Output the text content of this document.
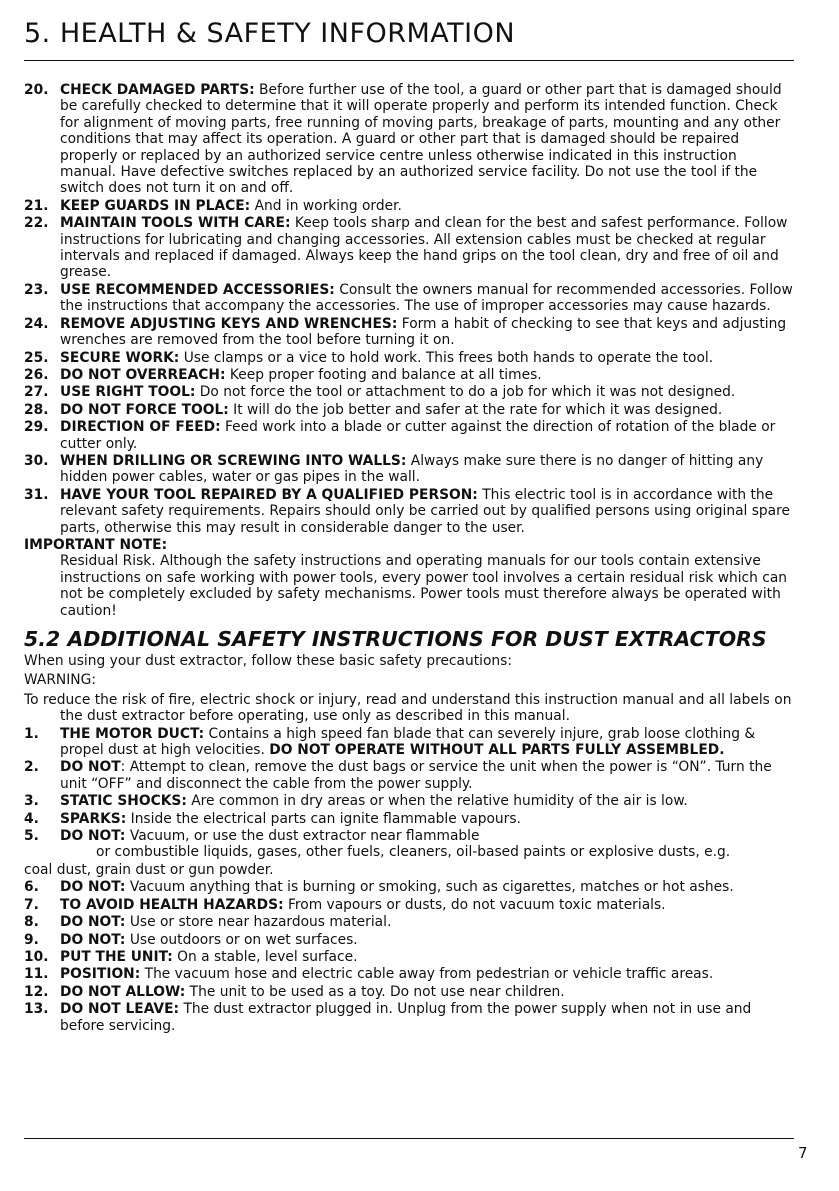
5. HEALTH & SAFETY INFORMATION
20. CHECK DAMAGED PARTS: Before further use of the tool, a guard or other part that is damaged should be carefully checked to determine that it will operate properly and perform its intended function. Check for alignment of moving parts, free running of moving parts, breakage of parts, mounting and any other conditions that may affect its operation. A guard or other part that is damaged should be repaired properly or replaced by an authorized service centre unless otherwise indicated in this instruction manual. Have defective switches replaced by an authorized service facility. Do not use the tool if the switch does not turn it on and off.
21. KEEP GUARDS IN PLACE: And in working order.
22. MAINTAIN TOOLS WITH CARE: Keep tools sharp and clean for the best and safest performance. Follow instructions for lubricating and changing accessories. All extension cables must be checked at regular intervals and replaced if damaged. Always keep the hand grips on the tool clean, dry and free of oil and grease.
23. USE RECOMMENDED ACCESSORIES: Consult the owners manual for recommended accessories. Follow the instructions that accompany the accessories. The use of improper accessories may cause hazards.
24. REMOVE ADJUSTING KEYS AND WRENCHES: Form a habit of checking to see that keys and adjusting wrenches are removed from the tool before turning it on.
25. SECURE WORK: Use clamps or a vice to hold work. This frees both hands to operate the tool.
26. DO NOT OVERREACH: Keep proper footing and balance at all times.
27. USE RIGHT TOOL: Do not force the tool or attachment to do a job for which it was not designed.
28. DO NOT FORCE TOOL: It will do the job better and safer at the rate for which it was designed.
29. DIRECTION OF FEED: Feed work into a blade or cutter against the direction of rotation of the blade or cutter only.
30. WHEN DRILLING OR SCREWING INTO WALLS: Always make sure there is no danger of hitting any hidden power cables, water or gas pipes in the wall.
31. HAVE YOUR TOOL REPAIRED BY A QUALIFIED PERSON: This electric tool is in accordance with the relevant safety requirements. Repairs should only be carried out by qualified persons using original spare parts, otherwise this may result in considerable danger to the user.

IMPORTANT NOTE:

Residual Risk. Although the safety instructions and operating manuals for our tools contain extensive instructions on safe working with power tools, every power tool involves a certain residual risk which can not be completely excluded by safety mechanisms. Power tools must therefore always be operated with caution!

5.2 ADDITIONAL SAFETY INSTRUCTIONS FOR DUST EXTRACTORS

When using your dust extractor, follow these basic safety precautions:

WARNING:

To reduce the risk of fire, electric shock or injury, read and understand this instruction manual and all labels on the dust extractor before operating, use only as described in this manual.

1. THE MOTOR DUCT: Contains a high speed fan blade that can severely injure, grab loose clothing & propel dust at high velocities. DO NOT OPERATE WITHOUT ALL PARTS FULLY ASSEMBLED.
2. DO NOT: Attempt to clean, remove the dust bags or service the unit when the power is “ON”. Turn the unit “OFF” and disconnect the cable from the power supply.
3. STATIC SHOCKS: Are common in dry areas or when the relative humidity of the air is low.
4. SPARKS: Inside the electrical parts can ignite flammable vapours.
5. DO NOT: Vacuum, or use the dust extractor near flammable
or combustible liquids, gases, other fuels, cleaners, oil-based paints or explosive dusts, e.g.
coal dust, grain dust or gun powder.
6. DO NOT: Vacuum anything that is burning or smoking, such as cigarettes, matches or hot ashes.
7. TO AVOID HEALTH HAZARDS: From vapours or dusts, do not vacuum toxic materials.
8. DO NOT: Use or store near hazardous material.
9. DO NOT: Use outdoors or on wet surfaces.
10. PUT THE UNIT: On a stable, level surface.
11. POSITION: The vacuum hose and electric cable away from pedestrian or vehicle traffic areas.
12. DO NOT ALLOW: The unit to be used as a toy. Do not use near children.
13. DO NOT LEAVE: The dust extractor plugged in. Unplug from the power supply when not in use and before servicing.
7
